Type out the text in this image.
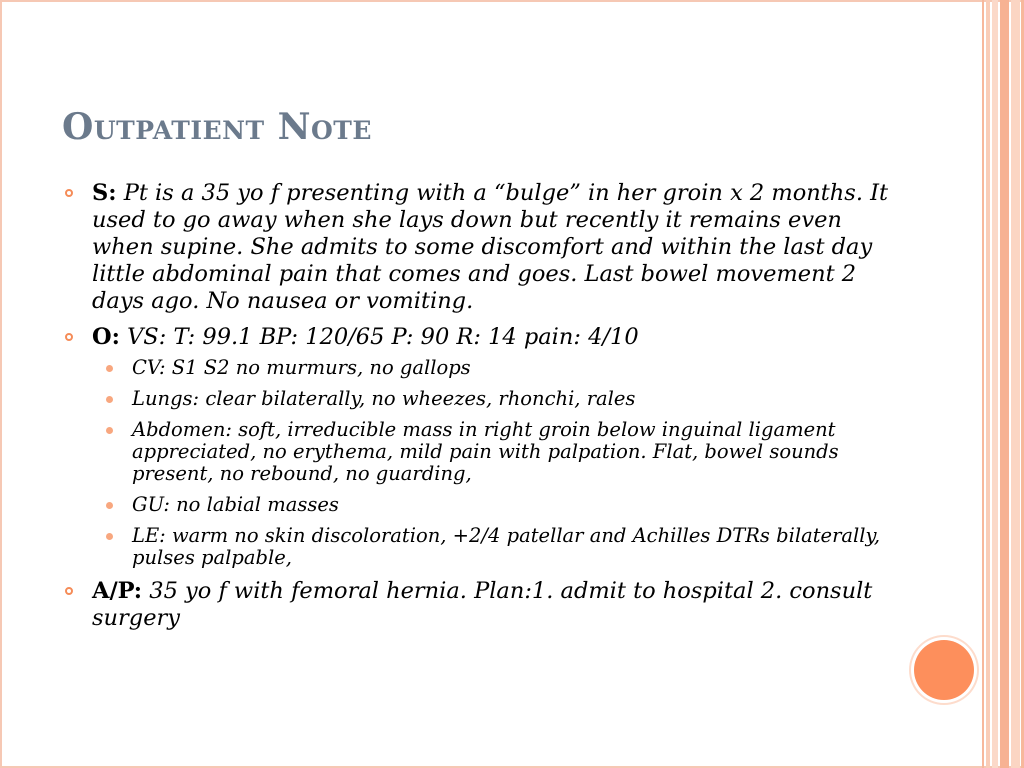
Outpatient Note
S: Pt is a 35 yo f presenting with a “bulge” in her groin x 2 months. It used to go away when she lays down but recently it remains even when supine. She admits to some discomfort and within the last day little abdominal pain that comes and goes. Last bowel movement 2 days ago. No nausea or vomiting.
O: VS: T: 99.1 BP: 120/65 P: 90 R: 14 pain: 4/10
CV: S1 S2 no murmurs, no gallops
Lungs: clear bilaterally, no wheezes, rhonchi, rales
Abdomen: soft, irreducible mass in right groin below inguinal ligament appreciated, no erythema, mild pain with palpation. Flat, bowel sounds present, no rebound, no guarding,
GU: no labial masses
LE: warm no skin discoloration, +2/4 patellar and Achilles DTRs bilaterally, pulses palpable,
A/P: 35 yo f with femoral hernia. Plan:1. admit to hospital 2. consult surgery
